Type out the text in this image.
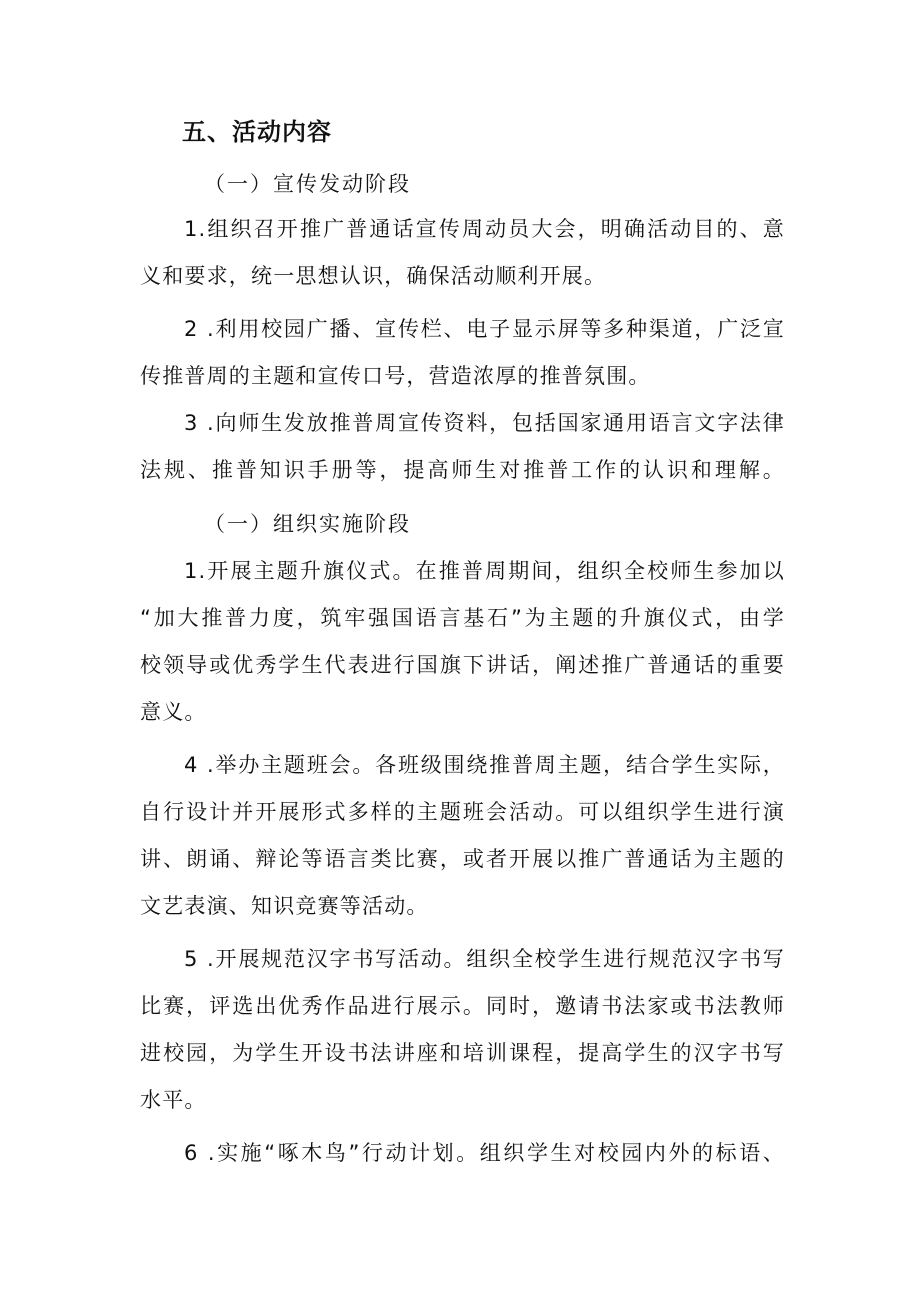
五、活动内容
（一）宣传发动阶段

1.组织召开推广普通话宣传周动员大会，明确活动目的、意
义和要求，统一思想认识，确保活动顺利开展。

2 .利用校园广播、宣传栏、电子显示屏等多种渠道，广泛宣
传推普周的主题和宣传口号，营造浓厚的推普氛围。

3 .向师生发放推普周宣传资料，包括国家通用语言文字法律
法规、推普知识手册等，提高师生对推普工作的认识和理解。

（一）组织实施阶段

1.开展主题升旗仪式。在推普周期间，组织全校师生参加以
“加大推普力度，筑牢强国语言基石”为主题的升旗仪式，由学
校领导或优秀学生代表进行国旗下讲话，阐述推广普通话的重要
意义。

4 .举办主题班会。各班级围绕推普周主题，结合学生实际，
自行设计并开展形式多样的主题班会活动。可以组织学生进行演
讲、朗诵、辩论等语言类比赛，或者开展以推广普通话为主题的
文艺表演、知识竞赛等活动。

5 .开展规范汉字书写活动。组织全校学生进行规范汉字书写
比赛，评选出优秀作品进行展示。同时，邀请书法家或书法教师
进校园，为学生开设书法讲座和培训课程，提高学生的汉字书写
水平。

6 .实施“啄木鸟”行动计划。组织学生对校园内外的标语、
